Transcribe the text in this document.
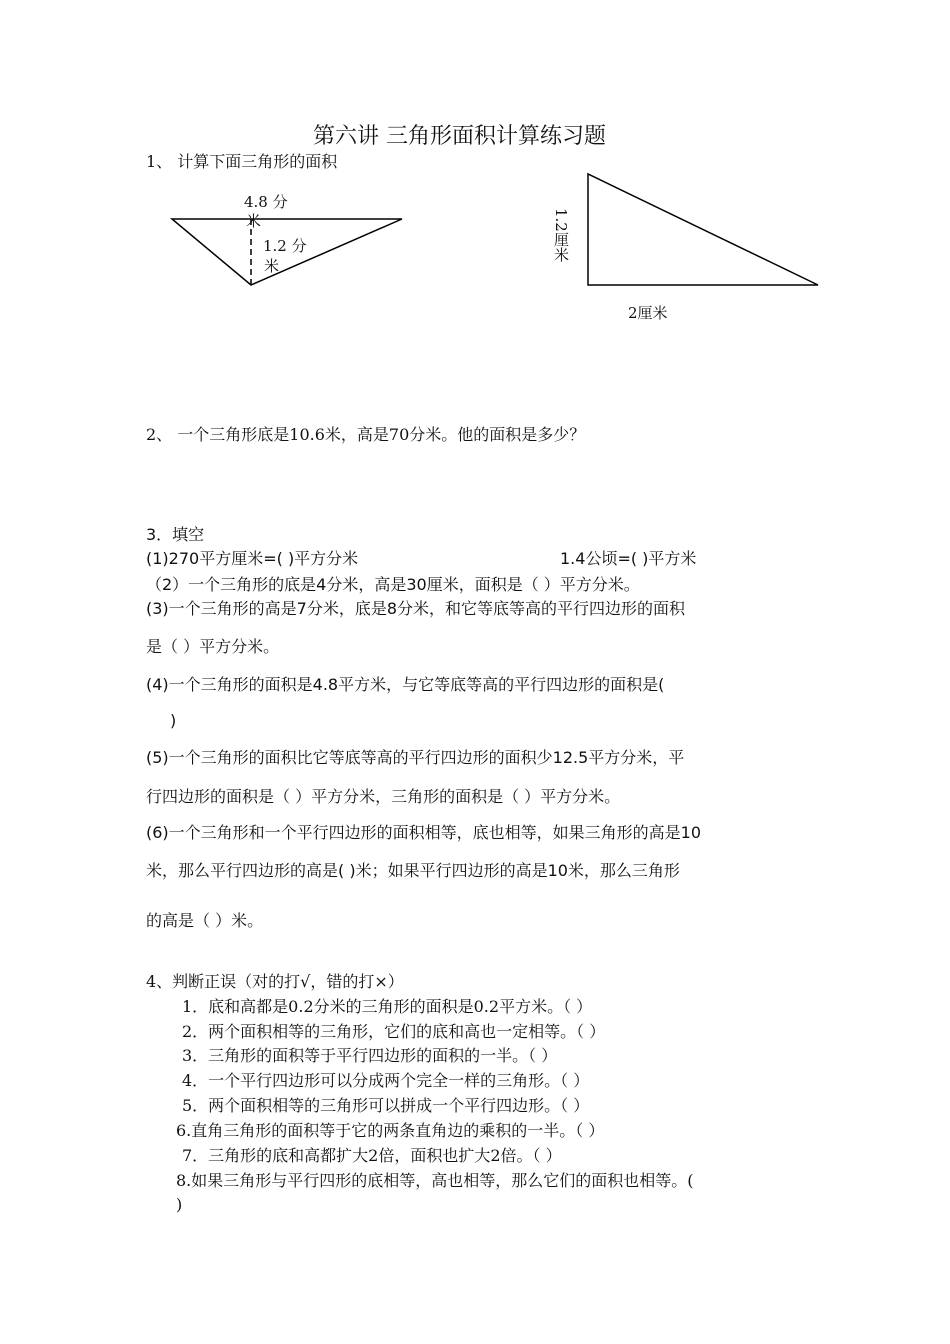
第六讲 三角形面积计算练习题
1、 计算下面三角形的面积
4.8 分
米
1.2 分
米
1.2厘米
2厘米
2、 一个三角形底是10.6米，高是70分米。他的面积是多少？
3．填空
(1)270平方厘米=( )平方分米	1.4公顷=( )平方米
（2）一个三角形的底是4分米，高是30厘米，面积是（ ）平方分米。
(3)一个三角形的高是7分米，底是8分米，和它等底等高的平行四边形的面积
是（ ）平方分米。
(4)一个三角形的面积是4.8平方米，与它等底等高的平行四边形的面积是(
)
(5)一个三角形的面积比它等底等高的平行四边形的面积少12.5平方分米，平
行四边形的面积是（ ）平方分米，三角形的面积是（ ）平方分米。
(6)一个三角形和一个平行四边形的面积相等，底也相等，如果三角形的高是10
米，那么平行四边形的高是( )米；如果平行四边形的高是10米，那么三角形
的高是（ ）米。
4、判断正误（对的打√，错的打×）
1．底和高都是0.2分米的三角形的面积是0.2平方米。（ ）
2．两个面积相等的三角形，它们的底和高也一定相等。（ ）
3．三角形的面积等于平行四边形的面积的一半。（ ）
4．一个平行四边形可以分成两个完全一样的三角形。（ ）
5．两个面积相等的三角形可以拼成一个平行四边形。（ ）
6.直角三角形的面积等于它的两条直角边的乘积的一半。（ ）
7．三角形的底和高都扩大2倍，面积也扩大2倍。（ ）
8.如果三角形与平行四形的底相等，高也相等，那么它们的面积也相等。(
)
